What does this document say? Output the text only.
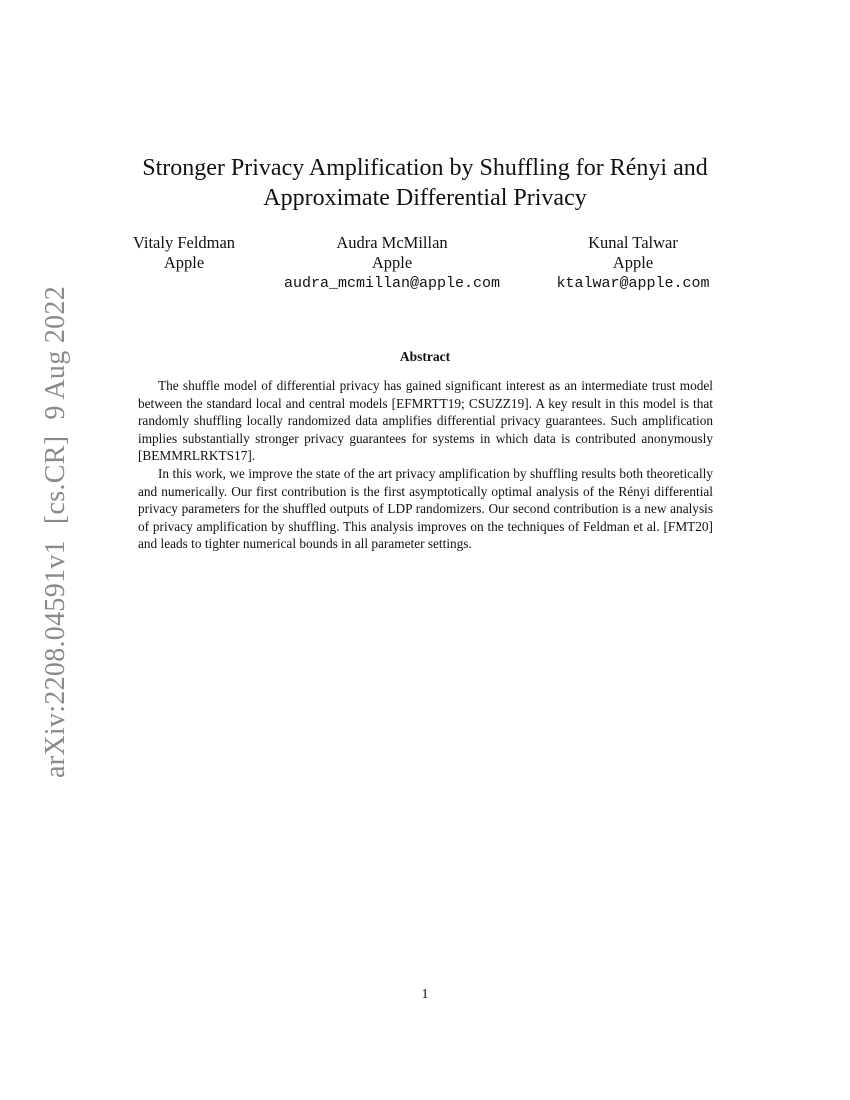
arXiv:2208.04591v1[cs.CR]9 Aug 2022
Stronger Privacy Amplification by Shuffling for Rényi and
Approximate Differential Privacy
Vitaly Feldman
Apple
Audra McMillan
Apple
audra_mcmillan@apple.com
Kunal Talwar
Apple
ktalwar@apple.com
Abstract

The shuffle model of differential privacy has gained significant interest as an intermediate trust model between the standard local and central models [EFMRTT19; CSUZZ19]. A key result in this model is that randomly shuffling locally randomized data amplifies differential privacy guarantees. Such amplification implies substantially stronger privacy guarantees for systems in which data is contributed anonymously [BEMMRLRKTS17].

In this work, we improve the state of the art privacy amplification by shuffling results both theoretically and numerically. Our first contribution is the first asymptotically optimal analysis of the Rényi differential privacy parameters for the shuffled outputs of LDP randomizers. Our second contribution is a new analysis of privacy amplification by shuffling. This analysis improves on the techniques of Feldman et al. [FMT20] and leads to tighter numerical bounds in all parameter settings.

1
